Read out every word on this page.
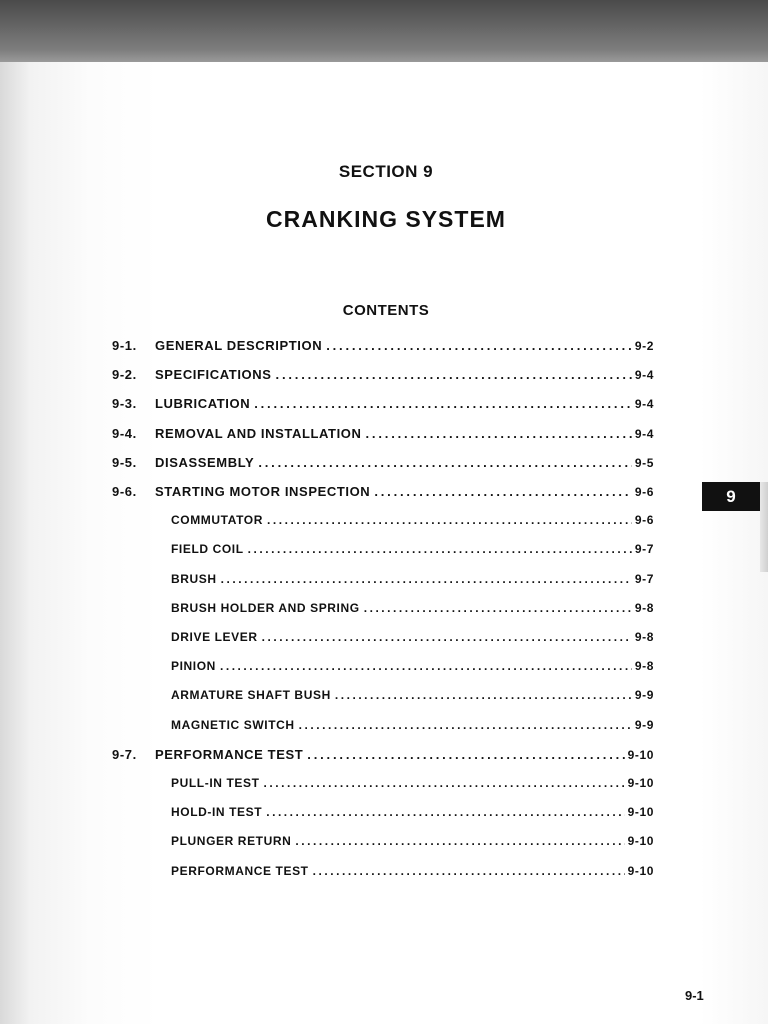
SECTION 9
CRANKING SYSTEM
CONTENTS
9-1.	GENERAL DESCRIPTION . . .	9-2
9-2.	SPECIFICATIONS . . .	9-4
9-3.	LUBRICATION . . .	9-4
9-4.	REMOVAL AND INSTALLATION . . .	9-4
9-5.	DISASSEMBLY . . .	9-5
9-6.	STARTING MOTOR INSPECTION . . .	9-6
COMMUTATOR . . .	9-6
FIELD COIL . . .	9-7
BRUSH . . .	9-7
BRUSH HOLDER AND SPRING . . .	9-8
DRIVE LEVER . . .	9-8
PINION . . .	9-8
ARMATURE SHAFT BUSH . . .	9-9
MAGNETIC SWITCH . . .	9-9
9-7.	PERFORMANCE TEST . . .	9-10
PULL-IN TEST . . .	9-10
HOLD-IN TEST . . .	9-10
PLUNGER RETURN . . .	9-10
PERFORMANCE TEST . . .	9-10
9
9-1
